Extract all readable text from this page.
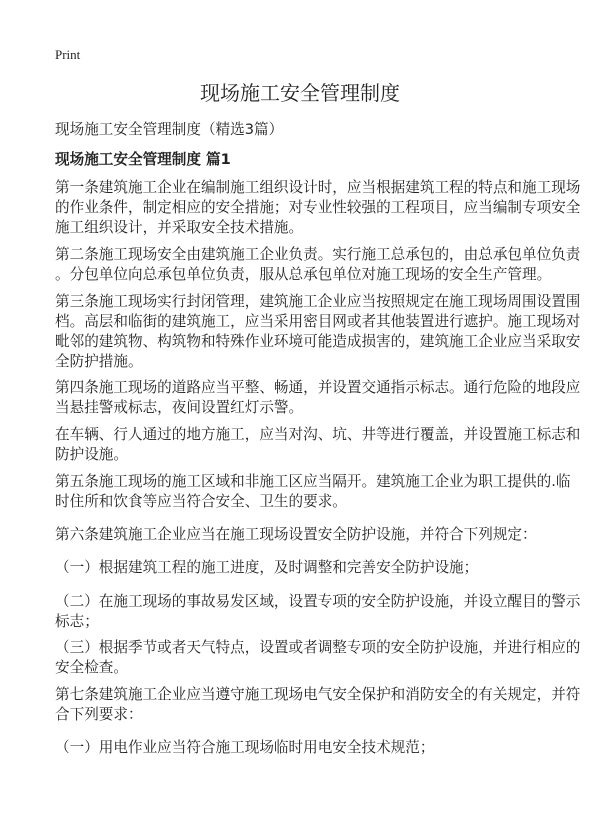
Print
现场施工安全管理制度
现场施工安全管理制度（精选3篇）
现场施工安全管理制度 篇1
第一条建筑施工企业在编制施工组织设计时，应当根据建筑工程的特点和施工现场
的作业条件，制定相应的安全措施；对专业性较强的工程项目，应当编制专项安全
施工组织设计，并采取安全技术措施。
第二条施工现场安全由建筑施工企业负责。实行施工总承包的，由总承包单位负责
。分包单位向总承包单位负责，服从总承包单位对施工现场的安全生产管理。
第三条施工现场实行封闭管理，建筑施工企业应当按照规定在施工现场周围设置围
档。高层和临街的建筑施工，应当采用密目网或者其他装置进行遮护。施工现场对
毗邻的建筑物、构筑物和特殊作业环境可能造成损害的，建筑施工企业应当采取安
全防护措施。
第四条施工现场的道路应当平整、畅通，并设置交通指示标志。通行危险的地段应
当悬挂警戒标志，夜间设置红灯示警。
在车辆、行人通过的地方施工，应当对沟、坑、井等进行覆盖，并设置施工标志和
防护设施。
第五条施工现场的施工区域和非施工区应当隔开。建筑施工企业为职工提供的.临
时住所和饮食等应当符合安全、卫生的要求。
第六条建筑施工企业应当在施工现场设置安全防护设施，并符合下列规定：
（一）根据建筑工程的施工进度，及时调整和完善安全防护设施；
（二）在施工现场的事故易发区域，设置专项的安全防护设施，并设立醒目的警示
标志；
（三）根据季节或者天气特点，设置或者调整专项的安全防护设施，并进行相应的
安全检查。
第七条建筑施工企业应当遵守施工现场电气安全保护和消防安全的有关规定，并符
合下列要求：
（一）用电作业应当符合施工现场临时用电安全技术规范；
